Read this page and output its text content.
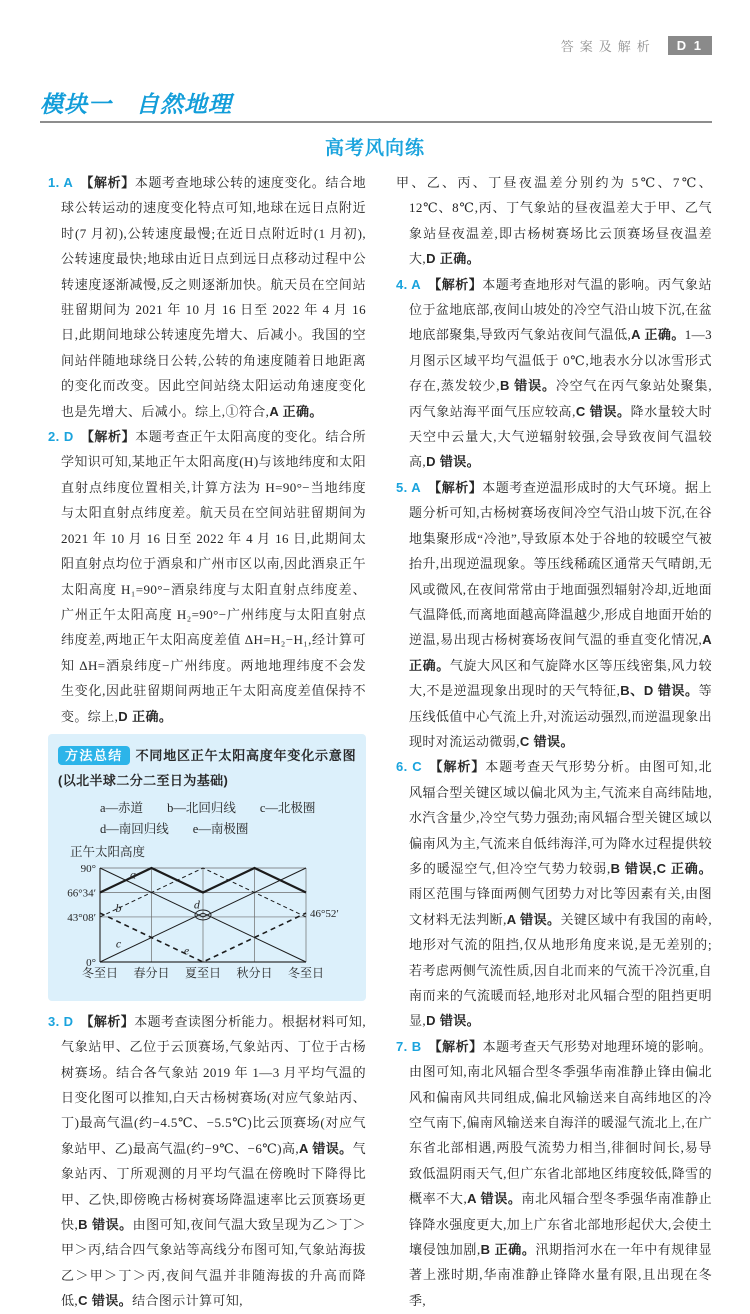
答案及解析	D 1
模块一　自然地理
高考风向练
1. A 【解析】本题考查地球公转的速度变化。结合地球公转运动的速度变化特点可知,地球在远日点附近时(7 月初),公转速度最慢;在近日点附近时(1 月初),公转速度最快;地球由近日点到远日点移动过程中公转速度逐渐减慢,反之则逐渐加快。航天员在空间站驻留期间为 2021 年 10 月 16 日至 2022 年 4 月 16 日,此期间地球公转速度先增大、后减小。我国的空间站伴随地球绕日公转,公转的角速度随着日地距离的变化而改变。因此空间站绕太阳运动角速度变化也是先增大、后减小。综上,①符合,A 正确。
2. D 【解析】本题考查正午太阳高度的变化。结合所学知识可知,某地正午太阳高度(H)与该地纬度和太阳直射点纬度位置相关,计算方法为 H=90°−当地纬度与太阳直射点纬度差。航天员在空间站驻留期间为 2021 年 10 月 16 日至 2022 年 4 月 16 日,此期间太阳直射点均位于酒泉和广州市区以南,因此酒泉正午太阳高度 H₁=90°−酒泉纬度与太阳直射点纬度差、广州正午太阳高度 H₂=90°−广州纬度与太阳直射点纬度差,两地正午太阳高度差值 ΔH=H₂−H₁,经计算可知 ΔH=酒泉纬度−广州纬度。两地地理纬度不会发生变化,因此驻留期间两地正午太阳高度差值保持不变。综上,D 正确。
方法总结 不同地区正午太阳高度年变化示意图(以北半球二分二至日为基础)
a—赤道 b—北回归线 c—北极圈
d—南回归线 e—南极圈
正午太阳高度
a
b
c
d
e
90°
66°34′
43°08′
0°
46°52′
冬至日 春分日 夏至日 秋分日 冬至日
3. D 【解析】本题考查读图分析能力。根据材料可知,气象站甲、乙位于云顶赛场,气象站丙、丁位于古杨树赛场。结合各气象站 2019 年 1—3 月平均气温的日变化图可以推知,白天古杨树赛场(对应气象站丙、丁)最高气温(约−4.5℃、−5.5℃)比云顶赛场(对应气象站甲、乙)最高气温(约−9℃、−6℃)高,A 错误。气象站丙、丁所观测的月平均气温在傍晚时下降得比甲、乙快,即傍晚古杨树赛场降温速率比云顶赛场更快,B 错误。由图可知,夜间气温大致呈现为乙＞丁＞甲＞丙,结合四气象站等高线分布图可知,气象站海拔乙＞甲＞丁＞丙,夜间气温并非随海拔的升高而降低,C 错误。结合图示计算可知,
甲、乙、丙、丁昼夜温差分别约为 5℃、7℃、12℃、8℃,丙、丁气象站的昼夜温差大于甲、乙气象站昼夜温差,即古杨树赛场比云顶赛场昼夜温差大,D 正确。
4. A 【解析】本题考查地形对气温的影响。丙气象站位于盆地底部,夜间山坡处的冷空气沿山坡下沉,在盆地底部聚集,导致丙气象站夜间气温低,A 正确。1—3 月图示区域平均气温低于 0℃,地表水分以冰雪形式存在,蒸发较少,B 错误。冷空气在丙气象站处聚集,丙气象站海平面气压应较高,C 错误。降水量较大时天空中云量大,大气逆辐射较强,会导致夜间气温较高,D 错误。
5. A 【解析】本题考查逆温形成时的大气环境。据上题分析可知,古杨树赛场夜间冷空气沿山坡下沉,在谷地集聚形成“冷池”,导致原本处于谷地的较暖空气被抬升,出现逆温现象。等压线稀疏区通常天气晴朗,无风或微风,在夜间常常由于地面强烈辐射冷却,近地面气温降低,而离地面越高降温越少,形成自地面开始的逆温,易出现古杨树赛场夜间气温的垂直变化情况,A 正确。气旋大风区和气旋降水区等压线密集,风力较大,不是逆温现象出现时的天气特征,B、D 错误。等压线低值中心气流上升,对流运动强烈,而逆温现象出现时对流运动微弱,C 错误。
6. C 【解析】本题考查天气形势分析。由图可知,北风辐合型关键区域以偏北风为主,气流来自高纬陆地,水汽含量少,冷空气势力强劲;南风辐合型关键区域以偏南风为主,气流来自低纬海洋,可为降水过程提供较多的暖湿空气,但冷空气势力较弱,B 错误,C 正确。雨区范围与锋面两侧气团势力对比等因素有关,由图文材料无法判断,A 错误。关键区域中有我国的南岭,地形对气流的阻挡,仅从地形角度来说,是无差别的;若考虑两侧气流性质,因自北而来的气流干冷沉重,自南而来的气流暖而轻,地形对北风辐合型的阻挡更明显,D 错误。
7. B 【解析】本题考查天气形势对地理环境的影响。由图可知,南北风辐合型冬季强华南准静止锋由偏北风和偏南风共同组成,偏北风输送来自高纬地区的冷空气南下,偏南风输送来自海洋的暖湿气流北上,在广东省北部相遇,两股气流势力相当,徘徊时间长,易导致低温阴雨天气,但广东省北部地区纬度较低,降雪的概率不大,A 错误。南北风辐合型冬季强华南准静止锋降水强度更大,加上广东省北部地形起伏大,会使土壤侵蚀加剧,B 正确。汛期指河水在一年中有规律显著上涨时期,华南准静止锋降水量有限,且出现在冬季,
